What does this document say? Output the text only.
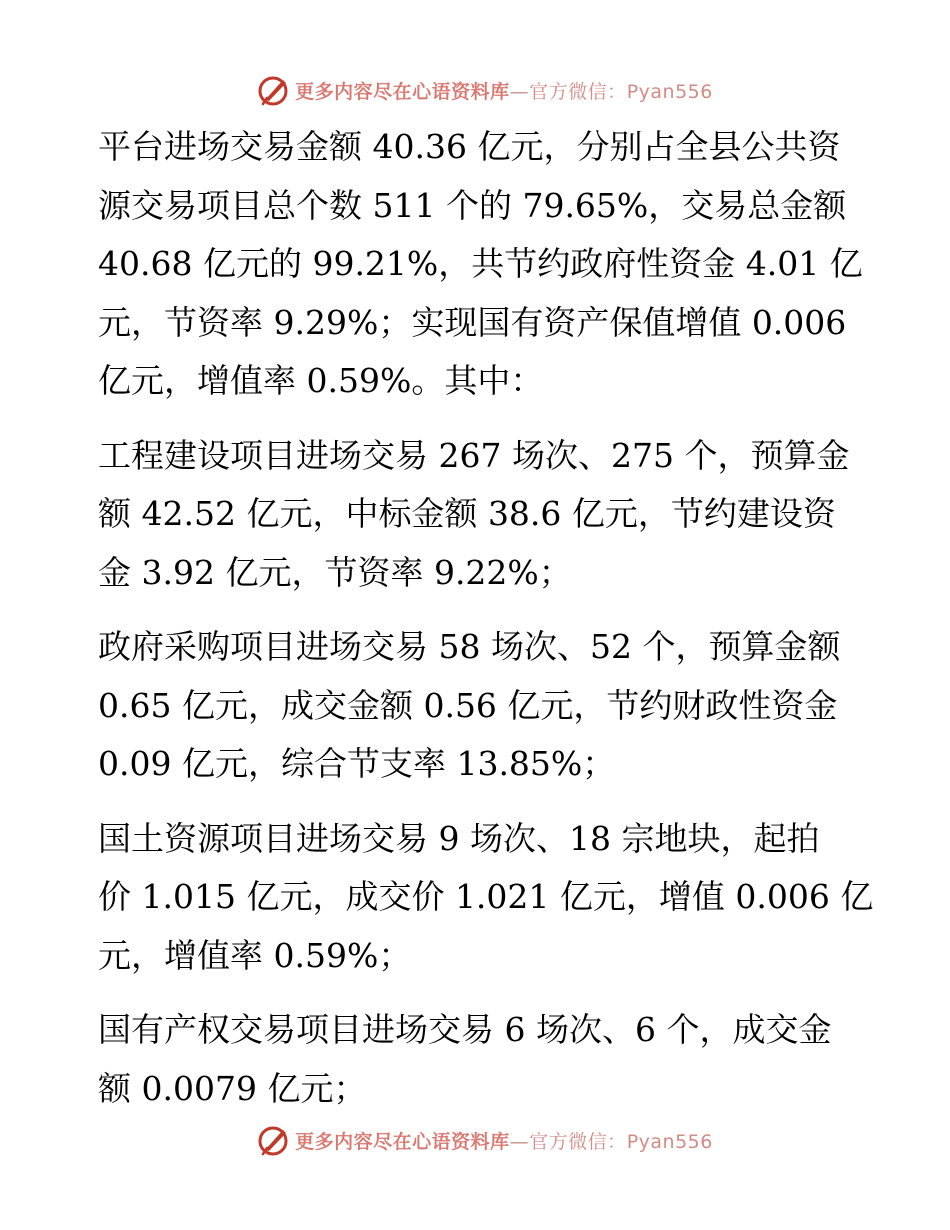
更多内容尽在心语资料库—官方微信：Pyan556
平台进场交易金额 40.36 亿元，分别占全县公共资
源交易项目总个数 511 个的 79.65%，交易总金额
40.68 亿元的 99.21%，共节约政府性资金 4.01 亿
元，节资率 9.29%；实现国有资产保值增值 0.006
亿元，增值率 0.59%。其中：
工程建设项目进场交易 267 场次、275 个，预算金
额 42.52 亿元，中标金额 38.6 亿元，节约建设资
金 3.92 亿元，节资率 9.22%；
政府采购项目进场交易 58 场次、52 个，预算金额
0.65 亿元，成交金额 0.56 亿元，节约财政性资金
0.09 亿元，综合节支率 13.85%；
国土资源项目进场交易 9 场次、18 宗地块，起拍
价 1.015 亿元，成交价 1.021 亿元，增值 0.006 亿
元，增值率 0.59%；
国有产权交易项目进场交易 6 场次、6 个，成交金
额 0.0079 亿元；
更多内容尽在心语资料库—官方微信：Pyan556
